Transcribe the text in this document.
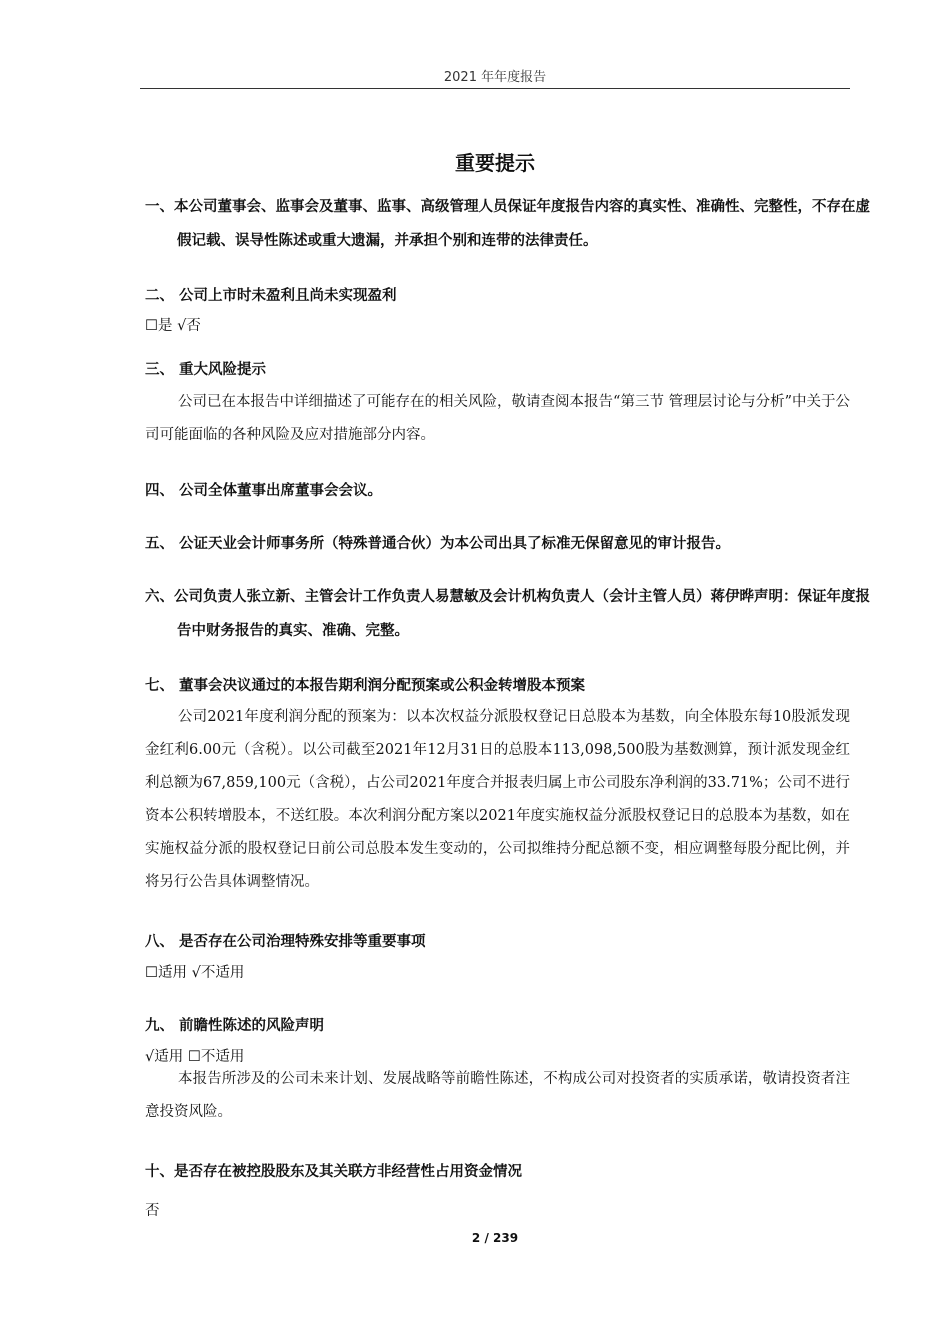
2021 年年度报告
重要提示
一、本公司董事会、监事会及董事、监事、高级管理人员保证年度报告内容的真实性、准确性、完整性，不存在虚假记载、误导性陈述或重大遗漏，并承担个别和连带的法律责任。
二、 公司上市时未盈利且尚未实现盈利
☐是 √否
三、 重大风险提示
公司已在本报告中详细描述了可能存在的相关风险，敬请查阅本报告“第三节 管理层讨论与分析”中关于公司可能面临的各种风险及应对措施部分内容。
四、 公司全体董事出席董事会会议。
五、 公证天业会计师事务所（特殊普通合伙）为本公司出具了标准无保留意见的审计报告。
六、公司负责人张立新、主管会计工作负责人易慧敏及会计机构负责人（会计主管人员）蒋伊晔声明：保证年度报告中财务报告的真实、准确、完整。
七、 董事会决议通过的本报告期利润分配预案或公积金转增股本预案
公司2021年度利润分配的预案为：以本次权益分派股权登记日总股本为基数，向全体股东每10股派发现金红利6.00元（含税）。以公司截至2021年12月31日的总股本113,098,500股为基数测算，预计派发现金红利总额为67,859,100元（含税），占公司2021年度合并报表归属上市公司股东净利润的33.71%；公司不进行资本公积转增股本，不送红股。本次利润分配方案以2021年度实施权益分派股权登记日的总股本为基数，如在实施权益分派的股权登记日前公司总股本发生变动的，公司拟维持分配总额不变，相应调整每股分配比例，并将另行公告具体调整情况。
八、 是否存在公司治理特殊安排等重要事项
☐适用 √不适用
九、 前瞻性陈述的风险声明
√适用 ☐不适用
本报告所涉及的公司未来计划、发展战略等前瞻性陈述，不构成公司对投资者的实质承诺，敬请投资者注意投资风险。
十、是否存在被控股股东及其关联方非经营性占用资金情况
否
2 / 239
